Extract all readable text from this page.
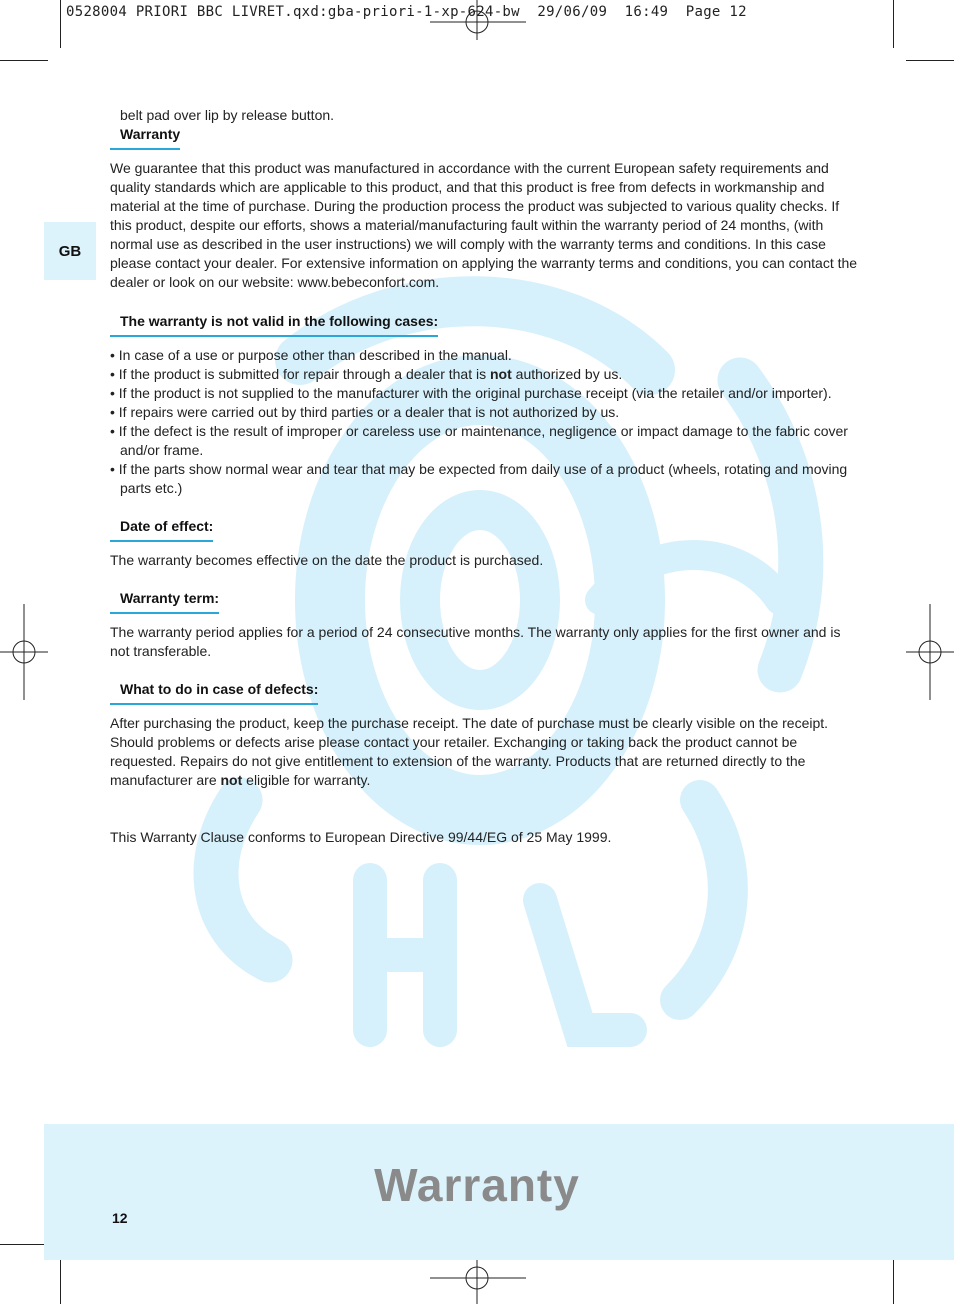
0528004 PRIORI BBC LIVRET.qxd:gba-priori-1-xp-624-bw  29/06/09  16:49  Page 12
GB

belt pad over lip by release button.

Warranty

We guarantee that this product was manufactured in accordance with the current European safety requirements and quality standards which are applicable to this product, and that this product is free from defects in workmanship and material at the time of purchase. During the production process the product was subjected to various quality checks. If this product, despite our efforts, shows a material/manufacturing fault within the warranty period of 24 months, (with normal use as described in the user instructions) we will comply with the warranty terms and conditions. In this case please contact your dealer. For extensive information on applying the warranty terms and conditions, you can contact the dealer or look on our website: www.bebeconfort.com.

The warranty is not valid in the following cases:
• In case of a use or purpose other than described in the manual.
• If the product is submitted for repair through a dealer that is not authorized by us.
• If the product is not supplied to the manufacturer with the original purchase receipt (via the retailer and/or importer).
• If repairs were carried out by third parties or a dealer that is not authorized by us.
• If the defect is the result of improper or careless use or maintenance, negligence or impact damage to the fabric cover and/or frame.
• If the parts show normal wear and tear that may be expected from daily use of a product (wheels, rotating and moving parts etc.)
Date of effect:

The warranty becomes effective on the date the product is purchased.

Warranty term:

The warranty period applies for a period of 24 consecutive months. The warranty only applies for the first owner and is not transferable.

What to do in case of defects:

After purchasing the product, keep the purchase receipt. The date of purchase must be clearly visible on the receipt. Should problems or defects arise please contact your retailer. Exchanging or taking back the product cannot be requested. Repairs do not give entitlement to extension of the warranty. Products that are returned directly to the manufacturer are not eligible for warranty.

This Warranty Clause conforms to European Directive 99/44/EG of 25 May 1999.

Warranty
12
